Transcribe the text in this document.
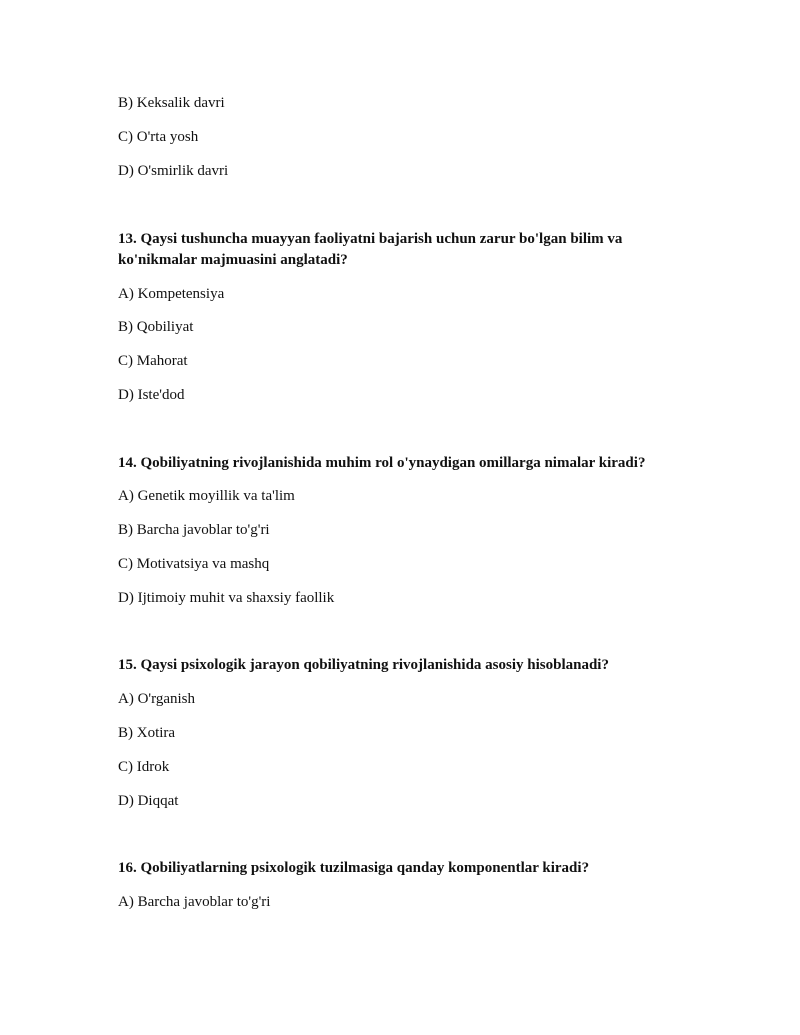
B) Keksalik davri
C) O'rta yosh
D) O'smirlik davri
13. Qaysi tushuncha muayyan faoliyatni bajarish uchun zarur bo'lgan bilim va
ko'nikmalar majmuasini anglatadi?
A) Kompetensiya
B) Qobiliyat
C) Mahorat
D) Iste'dod
14. Qobiliyatning rivojlanishida muhim rol o'ynaydigan omillarga nimalar kiradi?
A) Genetik moyillik va ta'lim
B) Barcha javoblar to'g'ri
C) Motivatsiya va mashq
D) Ijtimoiy muhit va shaxsiy faollik
15. Qaysi psixologik jarayon qobiliyatning rivojlanishida asosiy hisoblanadi?
A) O'rganish
B) Xotira
C) Idrok
D) Diqqat
16. Qobiliyatlarning psixologik tuzilmasiga qanday komponentlar kiradi?
A) Barcha javoblar to'g'ri
